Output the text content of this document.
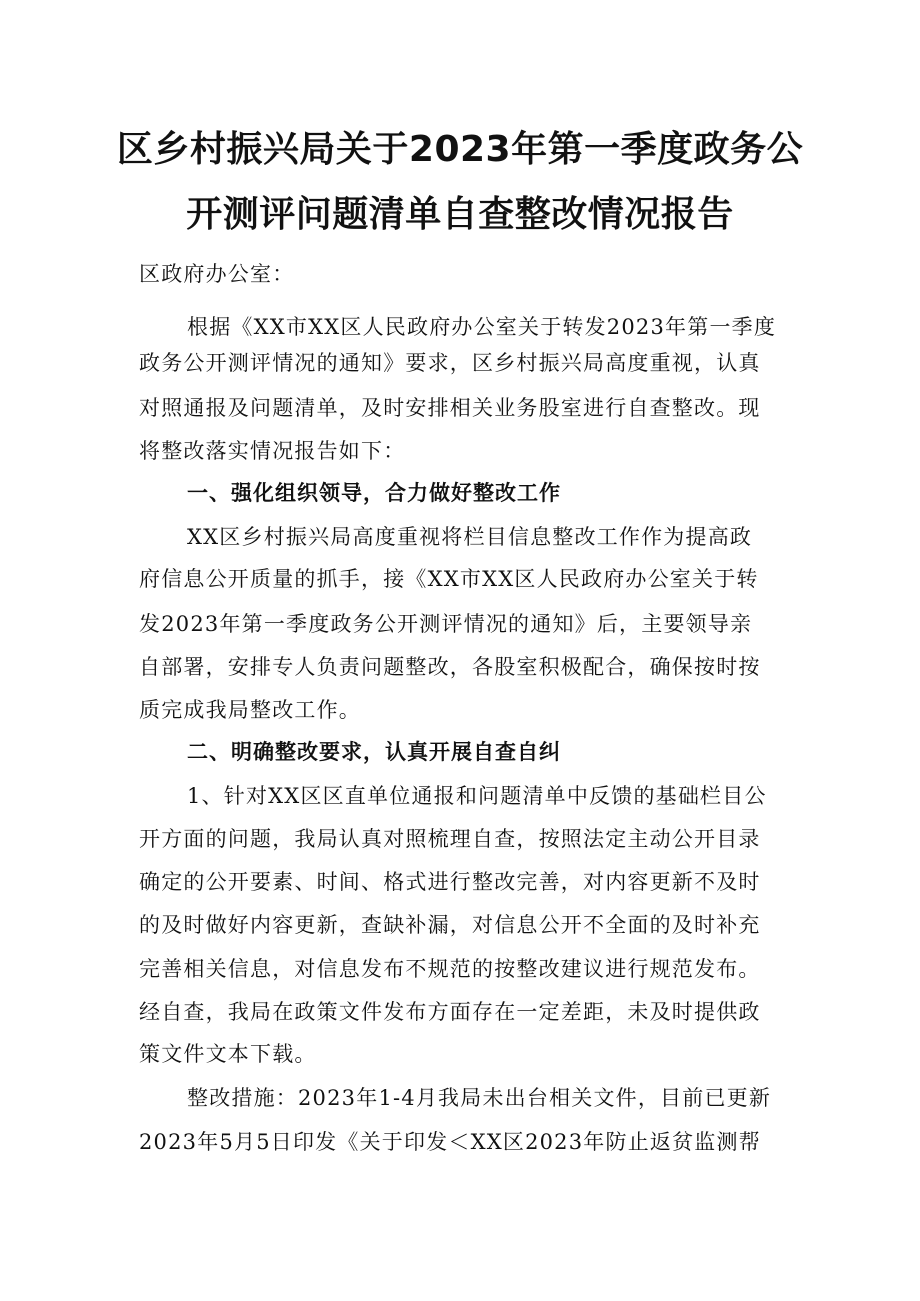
区乡村振兴局关于2023年第一季度政务公
开测评问题清单自查整改情况报告
区政府办公室：
根据《XX市XX区人民政府办公室关于转发2023年第一季度
政务公开测评情况的通知》要求，区乡村振兴局高度重视，认真
对照通报及问题清单，及时安排相关业务股室进行自查整改。现
将整改落实情况报告如下：
一、强化组织领导，合力做好整改工作
XX区乡村振兴局高度重视将栏目信息整改工作作为提高政
府信息公开质量的抓手，接《XX市XX区人民政府办公室关于转
发2023年第一季度政务公开测评情况的通知》后，主要领导亲
自部署，安排专人负责问题整改，各股室积极配合，确保按时按
质完成我局整改工作。
二、明确整改要求，认真开展自查自纠
1、针对XX区区直单位通报和问题清单中反馈的基础栏目公
开方面的问题，我局认真对照梳理自查，按照法定主动公开目录
确定的公开要素、时间、格式进行整改完善，对内容更新不及时
的及时做好内容更新，查缺补漏，对信息公开不全面的及时补充
完善相关信息，对信息发布不规范的按整改建议进行规范发布。
经自查，我局在政策文件发布方面存在一定差距，未及时提供政
策文件文本下载。
整改措施：2023年1-4月我局未出台相关文件，目前已更新
2023年5月5日印发《关于印发＜XX区2023年防止返贫监测帮
